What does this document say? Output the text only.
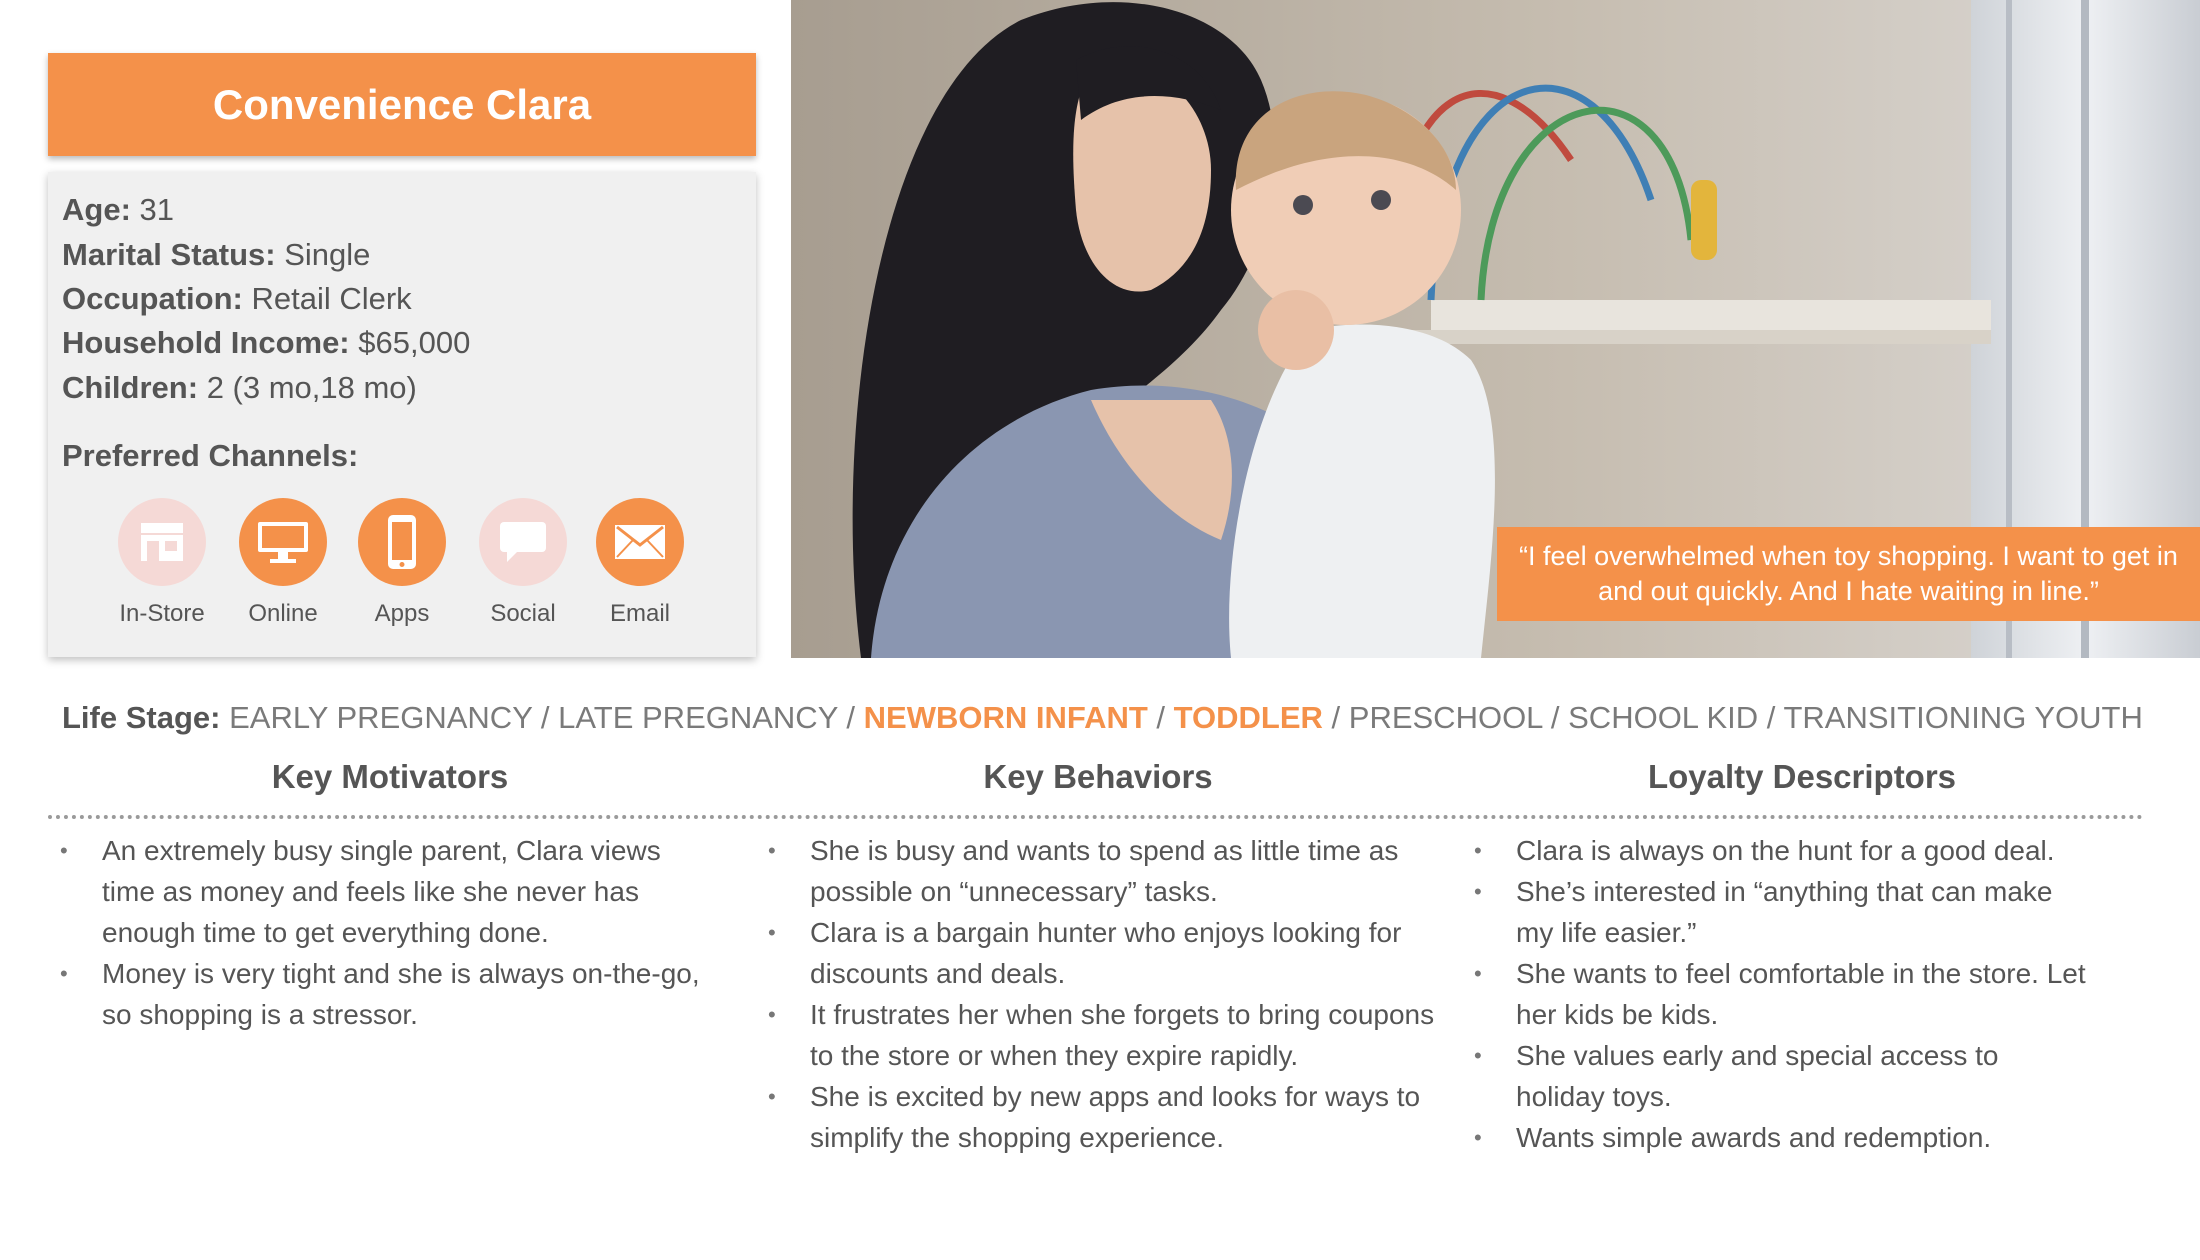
Convenience Clara
Age: 31
Marital Status: Single
Occupation: Retail Clerk
Household Income: $65,000
Children: 2 (3 mo,18 mo)
Preferred Channels:
In-Store	Online	Apps	Social	Email
“I feel overwhelmed when toy shopping. I want to get in and out quickly. And I hate waiting in line.”
Life Stage: EARLY PREGNANCY / LATE PREGNANCY / NEWBORN INFANT / TODDLER / PRESCHOOL / SCHOOL KID / TRANSITIONING YOUTH
Key Motivators	Key Behaviors	Loyalty Descriptors
• An extremely busy single parent, Clara views time as money and feels like she never has enough time to get everything done.
• Money is very tight and she is always on-the-go, so shopping is a stressor.
• She is busy and wants to spend as little time as possible on “unnecessary” tasks.
• Clara is a bargain hunter who enjoys looking for discounts and deals.
• It frustrates her when she forgets to bring coupons to the store or when they expire rapidly.
• She is excited by new apps and looks for ways to simplify the shopping experience.
• Clara is always on the hunt for a good deal.
• She’s interested in “anything that can make my life easier.”
• She wants to feel comfortable in the store. Let her kids be kids.
• She values early and special access to holiday toys.
• Wants simple awards and redemption.
